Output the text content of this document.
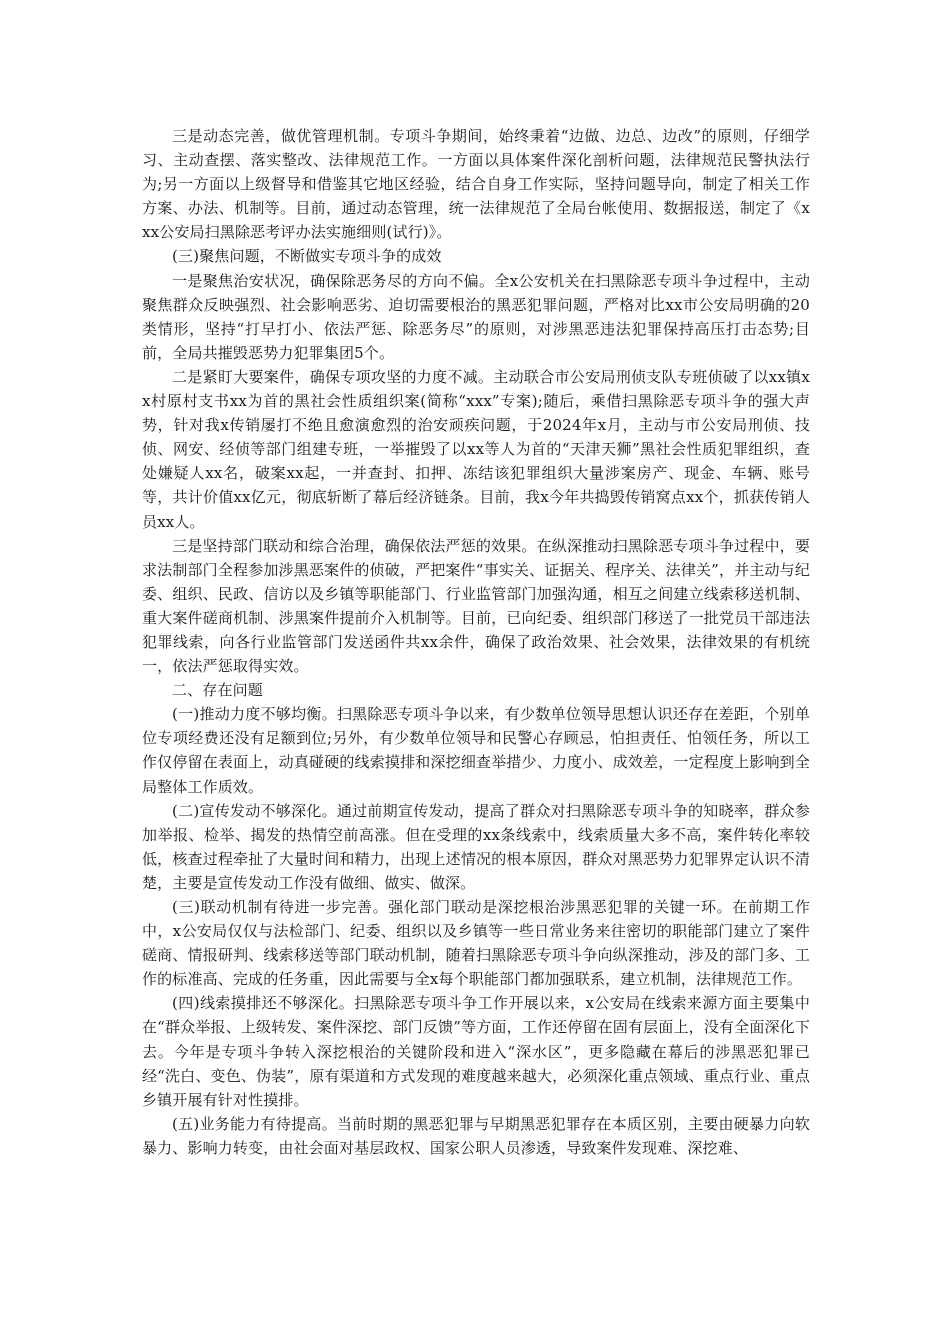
三是动态完善，做优管理机制。专项斗争期间，始终秉着“边做、边总、边改”的原则，仔细学习、主动查摆、落实整改、法律规范工作。一方面以具体案件深化剖析问题，法律规范民警执法行为;另一方面以上级督导和借鉴其它地区经验，结合自身工作实际，坚持问题导向，制定了相关工作方案、办法、机制等。目前，通过动态管理，统一法律规范了全局台帐使用、数据报送，制定了《xxx公安局扫黑除恶考评办法实施细则(试行)》。

(三)聚焦问题，不断做实专项斗争的成效

一是聚焦治安状况，确保除恶务尽的方向不偏。全x公安机关在扫黑除恶专项斗争过程中，主动聚焦群众反映强烈、社会影响恶劣、迫切需要根治的黑恶犯罪问题，严格对比xx市公安局明确的20类情形，坚持“打早打小、依法严惩、除恶务尽”的原则，对涉黑恶违法犯罪保持高压打击态势;目前，全局共摧毁恶势力犯罪集团5个。

二是紧盯大要案件，确保专项攻坚的力度不减。主动联合市公安局刑侦支队专班侦破了以xx镇xx村原村支书xx为首的黑社会性质组织案(简称“xxx”专案);随后，乘借扫黑除恶专项斗争的强大声势，针对我x传销屡打不绝且愈演愈烈的治安顽疾问题，于2024年x月，主动与市公安局刑侦、技侦、网安、经侦等部门组建专班，一举摧毁了以xx等人为首的“天津天狮”黑社会性质犯罪组织，查处嫌疑人xx名，破案xx起，一并查封、扣押、冻结该犯罪组织大量涉案房产、现金、车辆、账号等，共计价值xx亿元，彻底斩断了幕后经济链条。目前，我x今年共捣毁传销窝点xx个，抓获传销人员xx人。

三是坚持部门联动和综合治理，确保依法严惩的效果。在纵深推动扫黑除恶专项斗争过程中，要求法制部门全程参加涉黑恶案件的侦破，严把案件“事实关、证据关、程序关、法律关”，并主动与纪委、组织、民政、信访以及乡镇等职能部门、行业监管部门加强沟通，相互之间建立线索移送机制、重大案件磋商机制、涉黑案件提前介入机制等。目前，已向纪委、组织部门移送了一批党员干部违法犯罪线索，向各行业监管部门发送函件共xx余件，确保了政治效果、社会效果，法律效果的有机统一，依法严惩取得实效。

二、存在问题

(一)推动力度不够均衡。扫黑除恶专项斗争以来，有少数单位领导思想认识还存在差距，个别单位专项经费还没有足额到位;另外，有少数单位领导和民警心存顾忌，怕担责任、怕领任务，所以工作仅停留在表面上，动真碰硬的线索摸排和深挖细查举措少、力度小、成效差，一定程度上影响到全局整体工作质效。

(二)宣传发动不够深化。通过前期宣传发动，提高了群众对扫黑除恶专项斗争的知晓率，群众参加举报、检举、揭发的热情空前高涨。但在受理的xx条线索中，线索质量大多不高，案件转化率较低，核查过程牵扯了大量时间和精力，出现上述情况的根本原因，群众对黑恶势力犯罪界定认识不清楚，主要是宣传发动工作没有做细、做实、做深。

(三)联动机制有待进一步完善。强化部门联动是深挖根治涉黑恶犯罪的关键一环。在前期工作中，x公安局仅仅与法检部门、纪委、组织以及乡镇等一些日常业务来往密切的职能部门建立了案件磋商、情报研判、线索移送等部门联动机制，随着扫黑除恶专项斗争向纵深推动，涉及的部门多、工作的标准高、完成的任务重，因此需要与全x每个职能部门都加强联系，建立机制，法律规范工作。

(四)线索摸排还不够深化。扫黑除恶专项斗争工作开展以来，x公安局在线索来源方面主要集中在“群众举报、上级转发、案件深挖、部门反馈”等方面，工作还停留在固有层面上，没有全面深化下去。今年是专项斗争转入深挖根治的关键阶段和进入“深水区”，更多隐藏在幕后的涉黑恶犯罪已经“洗白、变色、伪装”，原有渠道和方式发现的难度越来越大，必须深化重点领域、重点行业、重点乡镇开展有针对性摸排。

(五)业务能力有待提高。当前时期的黑恶犯罪与早期黑恶犯罪存在本质区别，主要由硬暴力向软暴力、影响力转变，由社会面对基层政权、国家公职人员渗透，导致案件发现难、深挖难、
